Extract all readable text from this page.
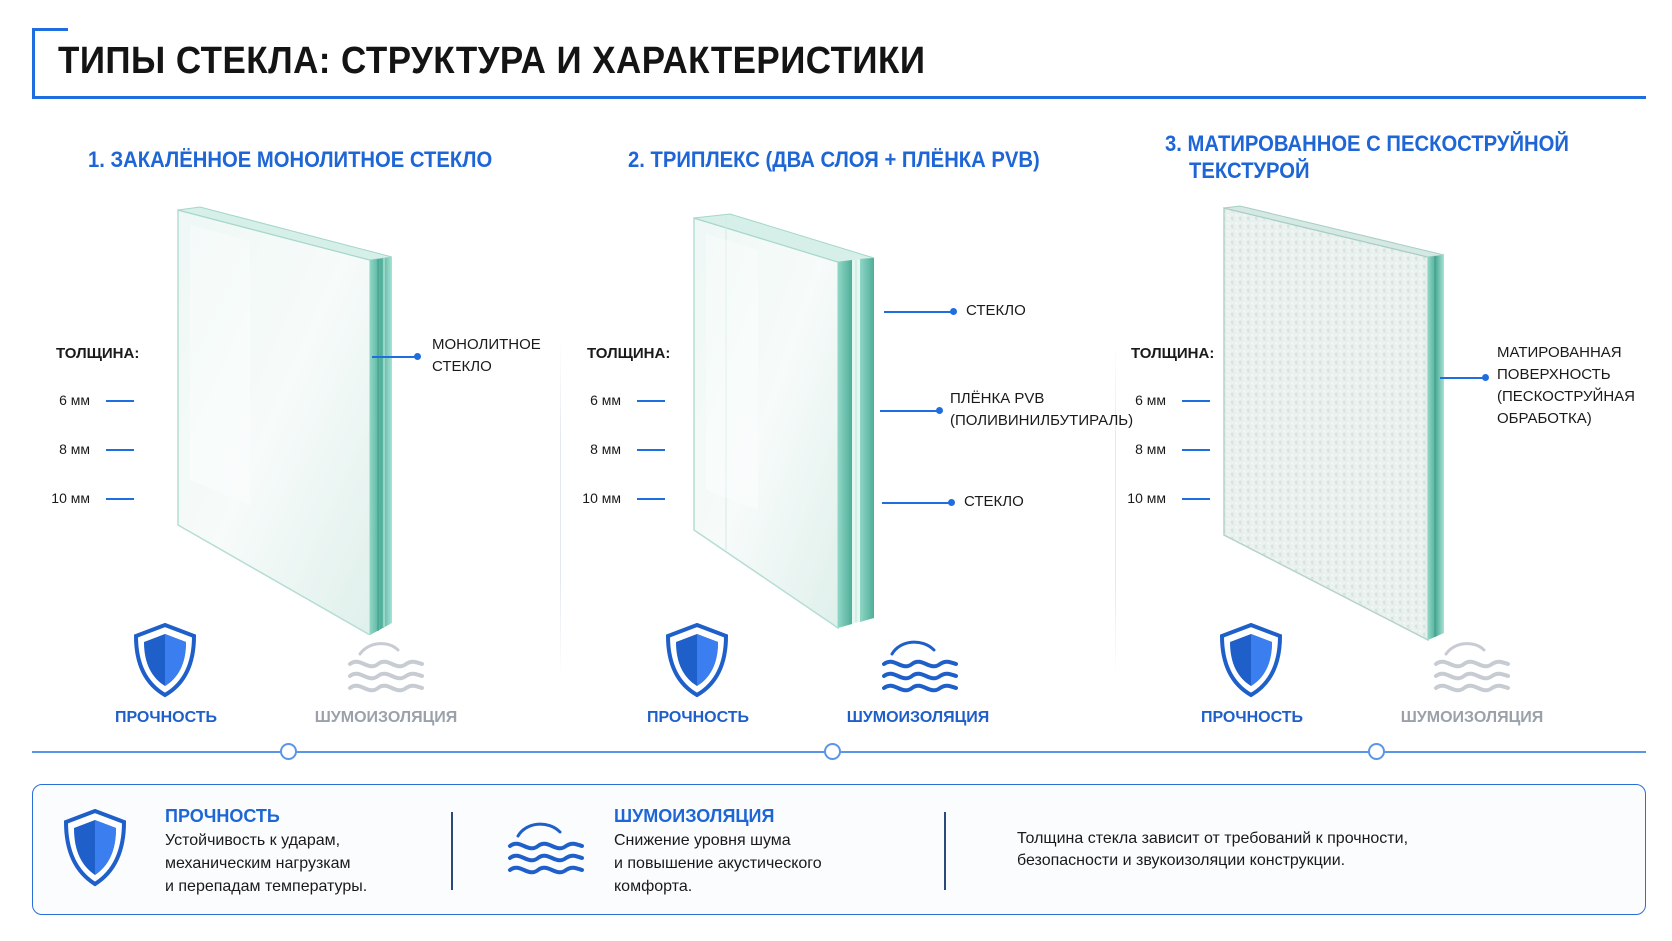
ТИПЫ СТЕКЛА: СТРУКТУРА И ХАРАКТЕРИСТИКИ
1. ЗАКАЛЁННОЕ МОНОЛИТНОЕ СТЕКЛО
ТОЛЩИНА:
6 мм
8 мм
10 мм
МОНОЛИТНОЕ
СТЕКЛО
ПРОЧНОСТЬ	ШУМОИЗОЛЯЦИЯ
2. ТРИПЛЕКС (ДВА СЛОЯ + ПЛЁНКА PVB)
ТОЛЩИНА:
6 мм
8 мм
10 мм
СТЕКЛО
ПЛЁНКА PVB
(ПОЛИВИНИЛБУТИРАЛЬ)
СТЕКЛО
ПРОЧНОСТЬ	ШУМОИЗОЛЯЦИЯ
3. МАТИРОВАННОЕ С ПЕСКОСТРУЙНОЙ
ТЕКСТУРОЙ
ТОЛЩИНА:
6 мм
8 мм
10 мм
МАТИРОВАННАЯ
ПОВЕРХНОСТЬ
(ПЕСКОСТРУЙНАЯ
ОБРАБОТКА)
ПРОЧНОСТЬ	ШУМОИЗОЛЯЦИЯ
ПРОЧНОСТЬ
Устойчивость к ударам,
механическим нагрузкам
и перепадам температуры.
ШУМОИЗОЛЯЦИЯ
Снижение уровня шума
и повышение акустического
комфорта.
Толщина стекла зависит от требований к прочности,
безопасности и звукоизоляции конструкции.
